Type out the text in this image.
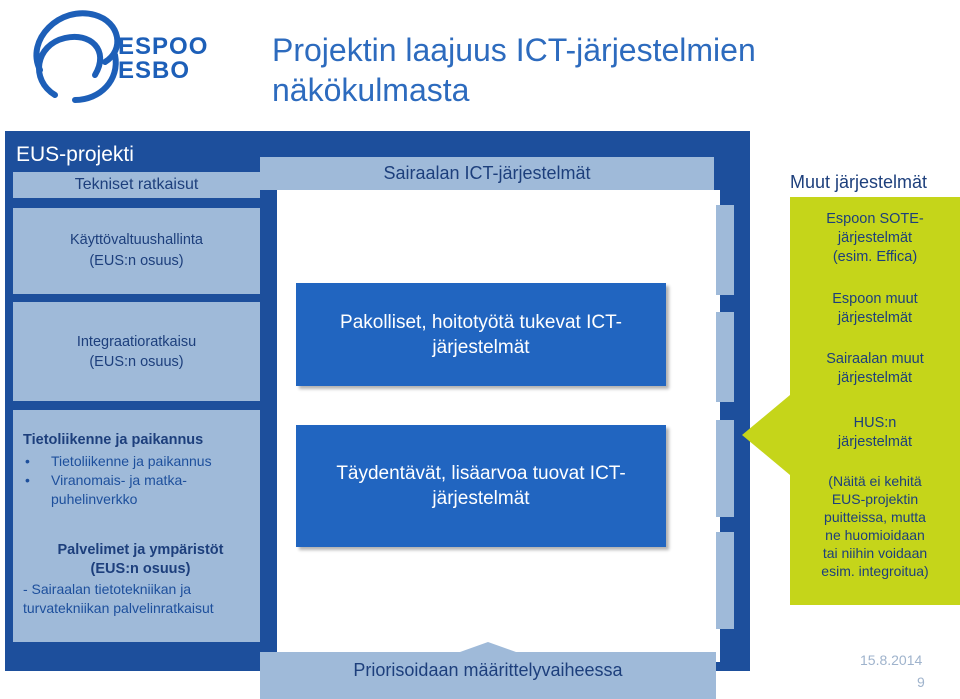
ESPOO
ESBO
Projektin laajuus ICT-järjestelmien
näkökulmasta
EUS-projekti
Tekniset ratkaisut
Käyttövaltuushallinta
(EUS:n osuus)
Integraatioratkaisu
(EUS:n osuus)
Tietoliikenne ja paikannus
• Tietoliikenne ja paikannus
• Viranomais- ja matka-
puhelinverkko
Palvelimet ja ympäristöt
(EUS:n osuus)
- Sairaalan tietotekniikan ja
turvatekniikan palvelinratkaisut
Sairaalan ICT-järjestelmät
Pakolliset, hoitotyötä tukevat ICT-
järjestelmät
Täydentävät, lisäarvoa tuovat ICT-
järjestelmät
Priorisoidaan määrittelyvaiheessa
Muut järjestelmät
Espoon SOTE-
järjestelmät
(esim. Effica)
Espoon muut
järjestelmät
Sairaalan muut
järjestelmät
HUS:n
järjestelmät
(Näitä ei kehitä
EUS-projektin
puitteissa, mutta
ne huomioidaan
tai niihin voidaan
esim. integroitua)
15.8.2014
9
